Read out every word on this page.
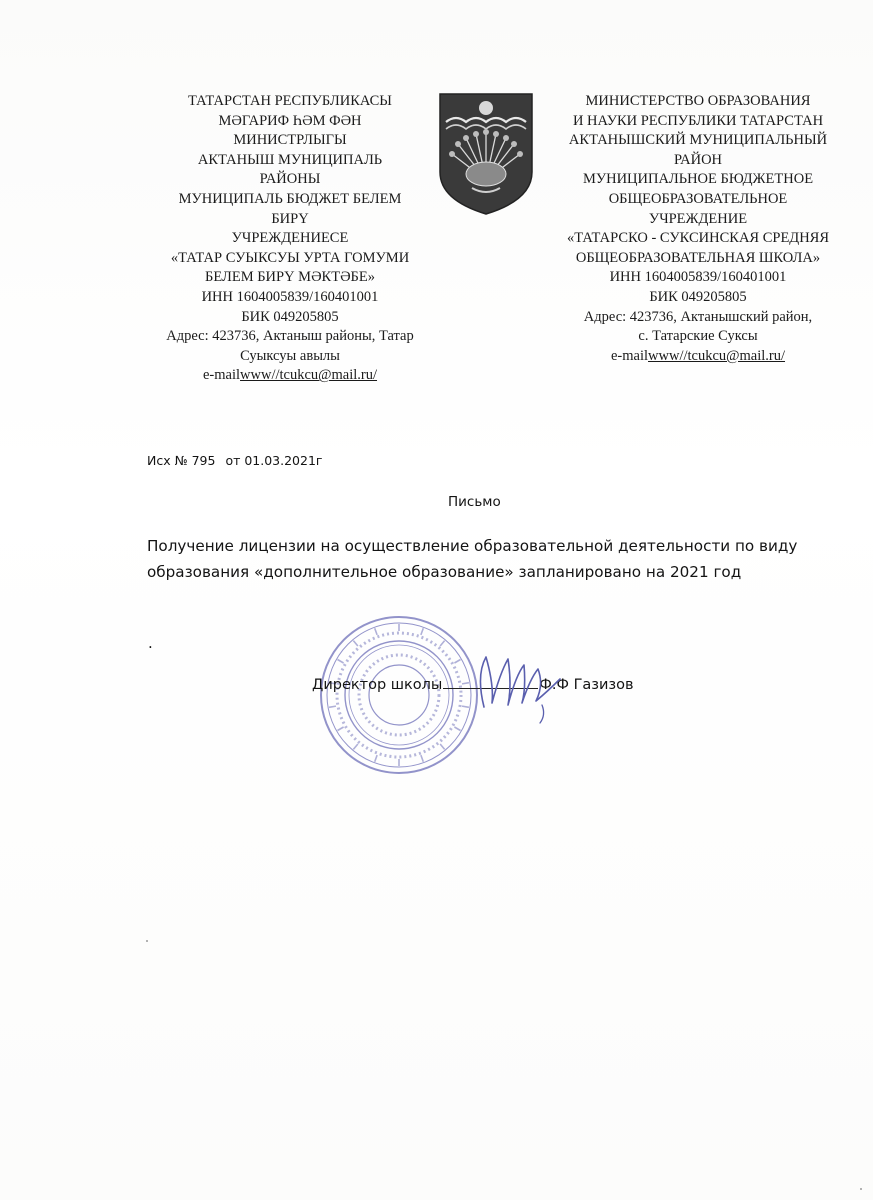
ТАТАРСТАН РЕСПУБЛИКАСЫ
МӘГАРИФ ҺӘМ ФӘН
МИНИСТРЛЫГЫ
АКТАНЫШ МУНИЦИПАЛЬ
РАЙОНЫ
МУНИЦИПАЛЬ БЮДЖЕТ БЕЛЕМ
БИРҮ
УЧРЕЖДЕНИЕСЕ
«ТАТАР СУЫКСУЫ УРТА ГОМУМИ
БЕЛЕМ БИРҮ МӘКТӘБЕ»
ИНН 1604005839/160401001
БИК 049205805
Адрес: 423736, Актаныш районы, Татар
Суыксуы авылы
e-mailwww//tcukcu@mail.ru/
МИНИСТЕРСТВО ОБРАЗОВАНИЯ
И НАУКИ РЕСПУБЛИКИ ТАТАРСТАН
АКТАНЫШСКИЙ МУНИЦИПАЛЬНЫЙ
РАЙОН
МУНИЦИПАЛЬНОЕ БЮДЖЕТНОЕ
ОБЩЕОБРАЗОВАТЕЛЬНОЕ
УЧРЕЖДЕНИЕ
«ТАТАРСКО - СУКСИНСКАЯ СРЕДНЯЯ
ОБЩЕОБРАЗОВАТЕЛЬНАЯ ШКОЛА»
ИНН 1604005839/160401001
БИК 049205805
Адрес: 423736, Актанышский район,
с. Татарские Суксы
e-mailwww//tcukcu@mail.ru/
Исх № 795 от 01.03.2021г
Письмо
Получение лицензии на осуществление образовательной деятельности по виду образования «дополнительное образование» запланировано на 2021 год
.
Директор школы	Ф.Ф Газизов
